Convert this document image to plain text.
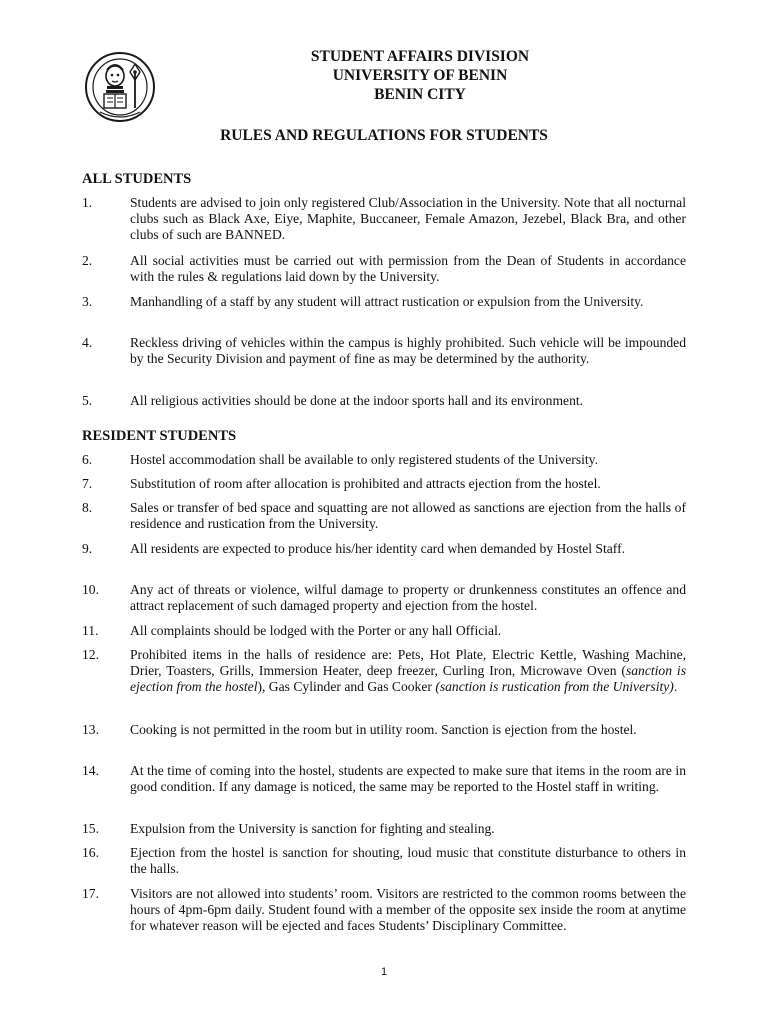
STUDENT AFFAIRS DIVISION
UNIVERSITY OF BENIN
BENIN CITY
RULES AND REGULATIONS FOR STUDENTS
ALL STUDENTS
1.	Students are advised to join only registered Club/Association in the University. Note that all nocturnal clubs such as Black Axe, Eiye, Maphite, Buccaneer, Female Amazon, Jezebel, Black Bra, and other clubs of such are BANNED.
2.	All social activities must be carried out with permission from the Dean of Students in accordance with the rules & regulations laid down by the University.
3.	Manhandling of a staff by any student will attract rustication or expulsion from the University.
4.	Reckless driving of vehicles within the campus is highly prohibited. Such vehicle will be impounded by the Security Division and payment of fine as may be determined by the authority.
5.	All religious activities should be done at the indoor sports hall and its environment.
RESIDENT STUDENTS
6.	Hostel accommodation shall be available to only registered students of the University.
7.	Substitution of room after allocation is prohibited and attracts ejection from the hostel.
8.	Sales or transfer of bed space and squatting are not allowed as sanctions are ejection from the halls of residence and rustication from the University.
9.	All residents are expected to produce his/her identity card when demanded by Hostel Staff.
10. Any act of threats or violence, wilful damage to property or drunkenness constitutes an offence and attract replacement of such damaged property and ejection from the hostel.
11. All complaints should be lodged with the Porter or any hall Official.
12. Prohibited items in the halls of residence are: Pets, Hot Plate, Electric Kettle, Washing Machine, Drier, Toasters, Grills, Immersion Heater, deep freezer, Curling Iron, Microwave Oven (sanction is ejection from the hostel), Gas Cylinder and Gas Cooker (sanction is rustication from the University).
13. Cooking is not permitted in the room but in utility room. Sanction is ejection from the hostel.
14. At the time of coming into the hostel, students are expected to make sure that items in the room are in good condition. If any damage is noticed, the same may be reported to the Hostel staff in writing.
15. Expulsion from the University is sanction for fighting and stealing.
16. Ejection from the hostel is sanction for shouting, loud music that constitute disturbance to others in the halls.
17. Visitors are not allowed into students’ room. Visitors are restricted to the common rooms between the hours of 4pm-6pm daily. Student found with a member of the opposite sex inside the room at anytime for whatever reason will be ejected and faces Students’ Disciplinary Committee.
1
